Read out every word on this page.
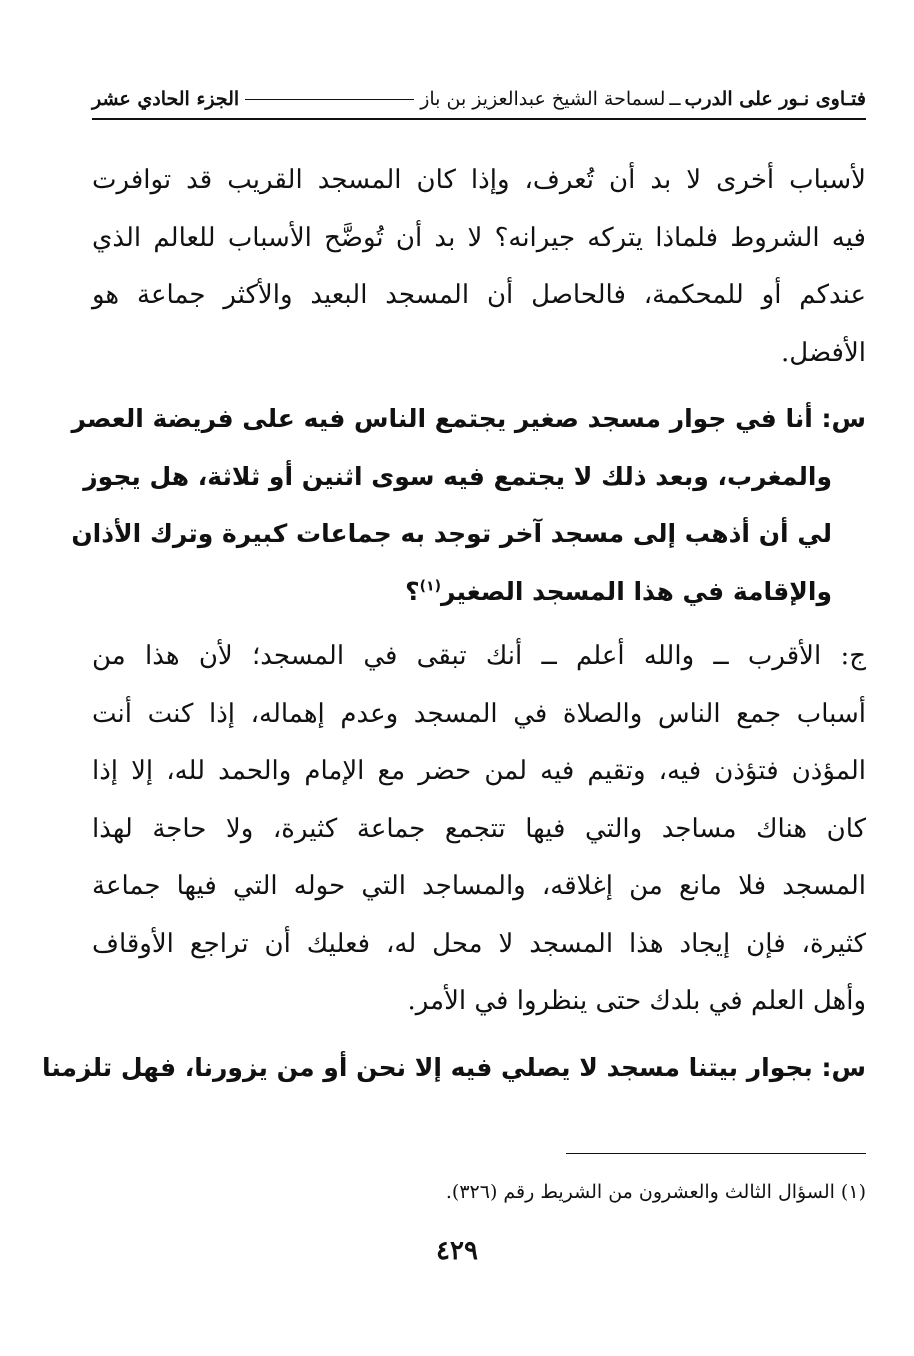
فتـاوى نـور على الدرب
ــ
لسماحة الشيخ عبدالعزيز بن باز
الجزء الحادي عشر
لأسباب أخرى لا بد أن تُعرف، وإذا كان المسجد القريب قد توافرت
فيه الشروط فلماذا يتركه جيرانه؟ لا بد أن تُوضَّح الأسباب للعالم الذي
عندكم أو للمحكمة، فالحاصل أن المسجد البعيد والأكثر جماعة هو
الأفضل.
س: أنا في جوار مسجد صغير يجتمع الناس فيه على فريضة العصر
والمغرب، وبعد ذلك لا يجتمع فيه سوى اثنين أو ثلاثة، هل يجوز
لي أن أذهب إلى مسجد آخر توجد به جماعات كبيرة وترك الأذان
والإقامة في هذا المسجد الصغير$^{(١)}$؟
ج: الأقرب ــ والله أعلم ــ أنك تبقى في المسجد؛ لأن هذا من
أسباب جمع الناس والصلاة في المسجد وعدم إهماله، إذا كنت أنت
المؤذن فتؤذن فيه، وتقيم فيه لمن حضر مع الإمام والحمد لله، إلا إذا
كان هناك مساجد والتي فيها تتجمع جماعة كثيرة، ولا حاجة لهذا
المسجد فلا مانع من إغلاقه، والمساجد التي حوله التي فيها جماعة
كثيرة، فإن إيجاد هذا المسجد لا محل له، فعليك أن تراجع الأوقاف
وأهل العلم في بلدك حتى ينظروا في الأمر.
س: بجوار بيتنا مسجد لا يصلي فيه إلا نحن أو من يزورنا، فهل تلزمنا
(١) السؤال الثالث والعشرون من الشريط رقم (٣٢٦).
٤٢٩
